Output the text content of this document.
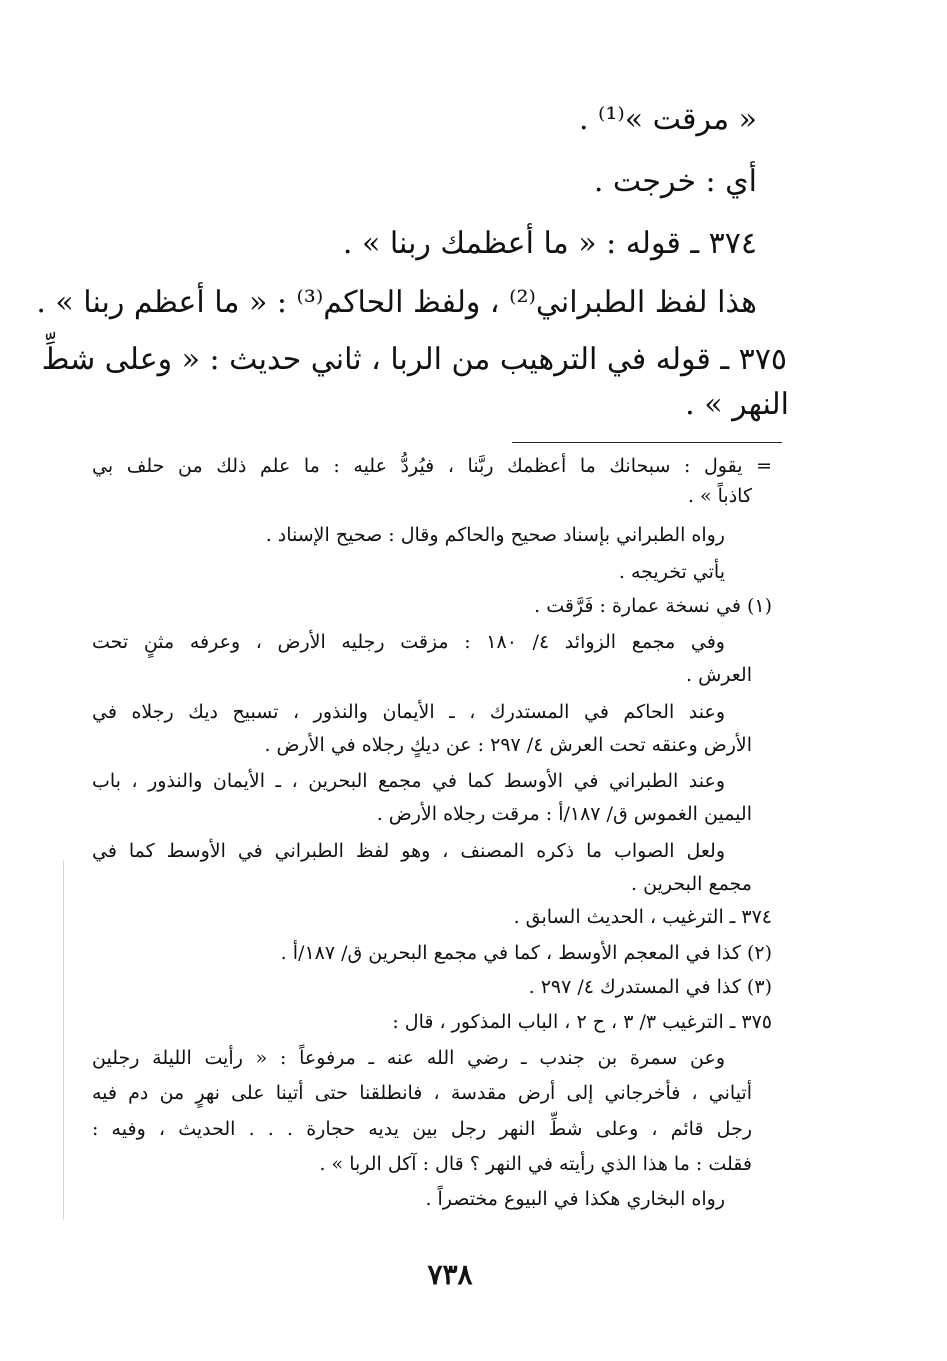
« مرقت »⁽¹⁾ .
أي : خرجت .
٣٧٤ ـ قوله : « ما أعظمك ربنا » .
هذا لفظ الطبراني⁽²⁾ ، ولفظ الحاكم⁽³⁾ : « ما أعظم ربنا » .
٣٧٥ ـ قوله في الترهيب من الربا ، ثاني حديث : « وعلى شطِّ
النهر » .
= يقول : سبحانك ما أعظمك ربَّنا ، فيُردُّ عليه : ما علم ذلك من حلف بي
كاذباً » .
رواه الطبراني بإسناد صحيح والحاكم وقال : صحيح الإسناد .
يأتي تخريجه .
(١) في نسخة عمارة : فَرَّقت .
وفي مجمع الزوائد ٤/ ١٨٠ : مزقت رجليه الأرض ، وعرفه مثنٍ تحت
العرش .
وعند الحاكم في المستدرك ، ـ الأيمان والنذور ، تسبيح ديك رجلاه في
الأرض وعنقه تحت العرش ٤/ ٢٩٧ : عن ديكٍ رجلاه في الأرض .
وعند الطبراني في الأوسط كما في مجمع البحرين ، ـ الأيمان والنذور ، باب
اليمين الغموس ق/ ١٨٧/أ : مرقت رجلاه الأرض .
ولعل الصواب ما ذكره المصنف ، وهو لفظ الطبراني في الأوسط كما في
مجمع البحرين .
٣٧٤ ـ الترغيب ، الحديث السابق .
(٢) كذا في المعجم الأوسط ، كما في مجمع البحرين ق/ ١٨٧/أ .
(٣) كذا في المستدرك ٤/ ٢٩٧ .
٣٧٥ ـ الترغيب ٣/ ٣ ، ح ٢ ، الباب المذكور ، قال :
وعن سمرة بن جندب ـ رضي الله عنه ـ مرفوعاً : « رأيت الليلة رجلين
أتياني ، فأخرجاني إلى أرض مقدسة ، فانطلقنا حتى أتينا على نهرٍ من دم فيه
رجل قائم ، وعلى شطِّ النهر رجل بين يديه حجارة . . . الحديث ، وفيه :
فقلت : ما هذا الذي رأيته في النهر ؟ قال : آكل الربا » .
رواه البخاري هكذا في البيوع مختصراً .
٧٣٨
